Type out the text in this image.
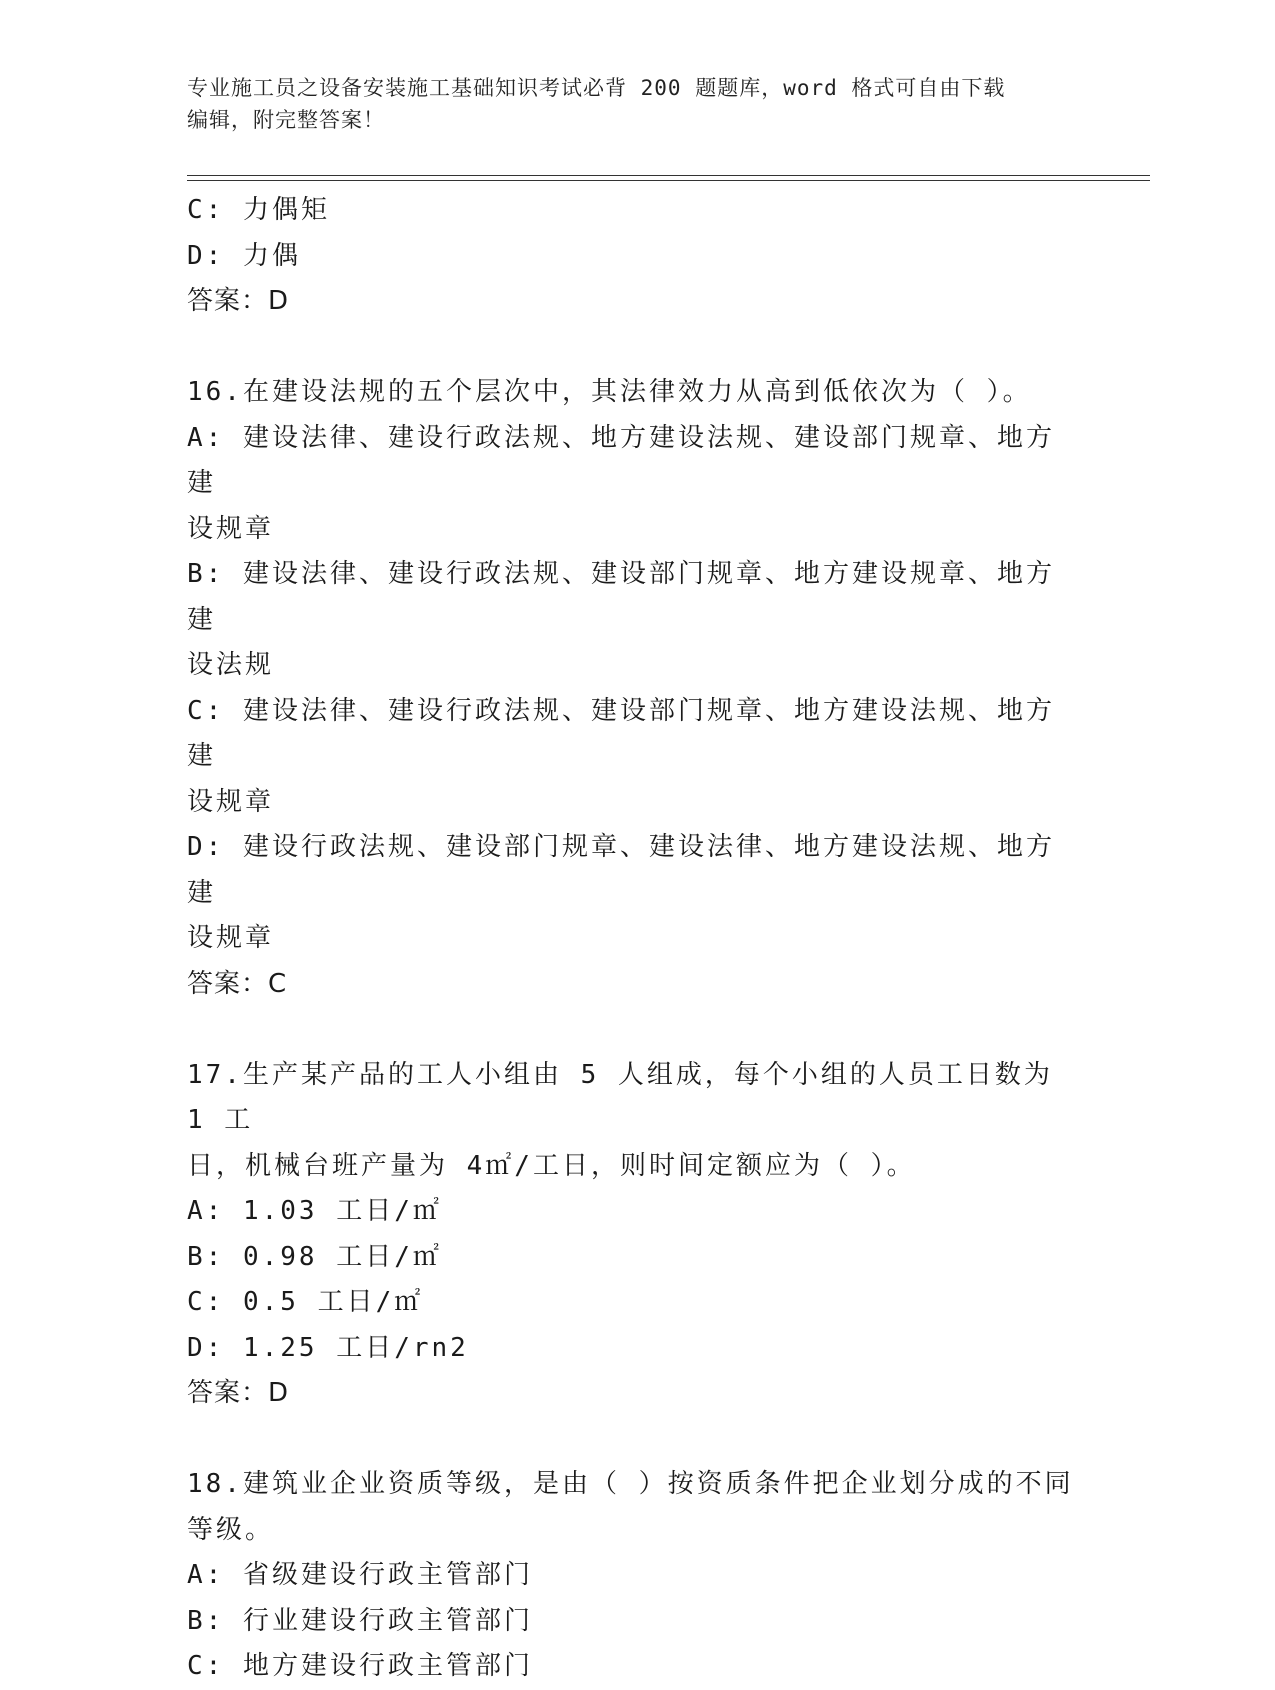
专业施工员之设备安装施工基础知识考试必背 200 题题库，word 格式可自由下载
编辑，附完整答案！

C: 力偶矩

D: 力偶

答案：D

16.在建设法规的五个层次中，其法律效力从高到低依次为（ ）。

A: 建设法律、建设行政法规、地方建设法规、建设部门规章、地方建

设规章

B: 建设法律、建设行政法规、建设部门规章、地方建设规章、地方建

设法规

C: 建设法律、建设行政法规、建设部门规章、地方建设法规、地方建

设规章

D: 建设行政法规、建设部门规章、建设法律、地方建设法规、地方建

设规章

答案：C

17.生产某产品的工人小组由 5 人组成，每个小组的人员工日数为 1 工

日，机械台班产量为 4㎡/工日，则时间定额应为（ ）。

A: 1.03 工日/㎡

B: 0.98 工日/㎡

C: 0.5 工日/㎡

D: 1.25 工日/rn2

答案：D

18.建筑业企业资质等级，是由（ ）按资质条件把企业划分成的不同

等级。

A: 省级建设行政主管部门

B: 行业建设行政主管部门

C: 地方建设行政主管部门
